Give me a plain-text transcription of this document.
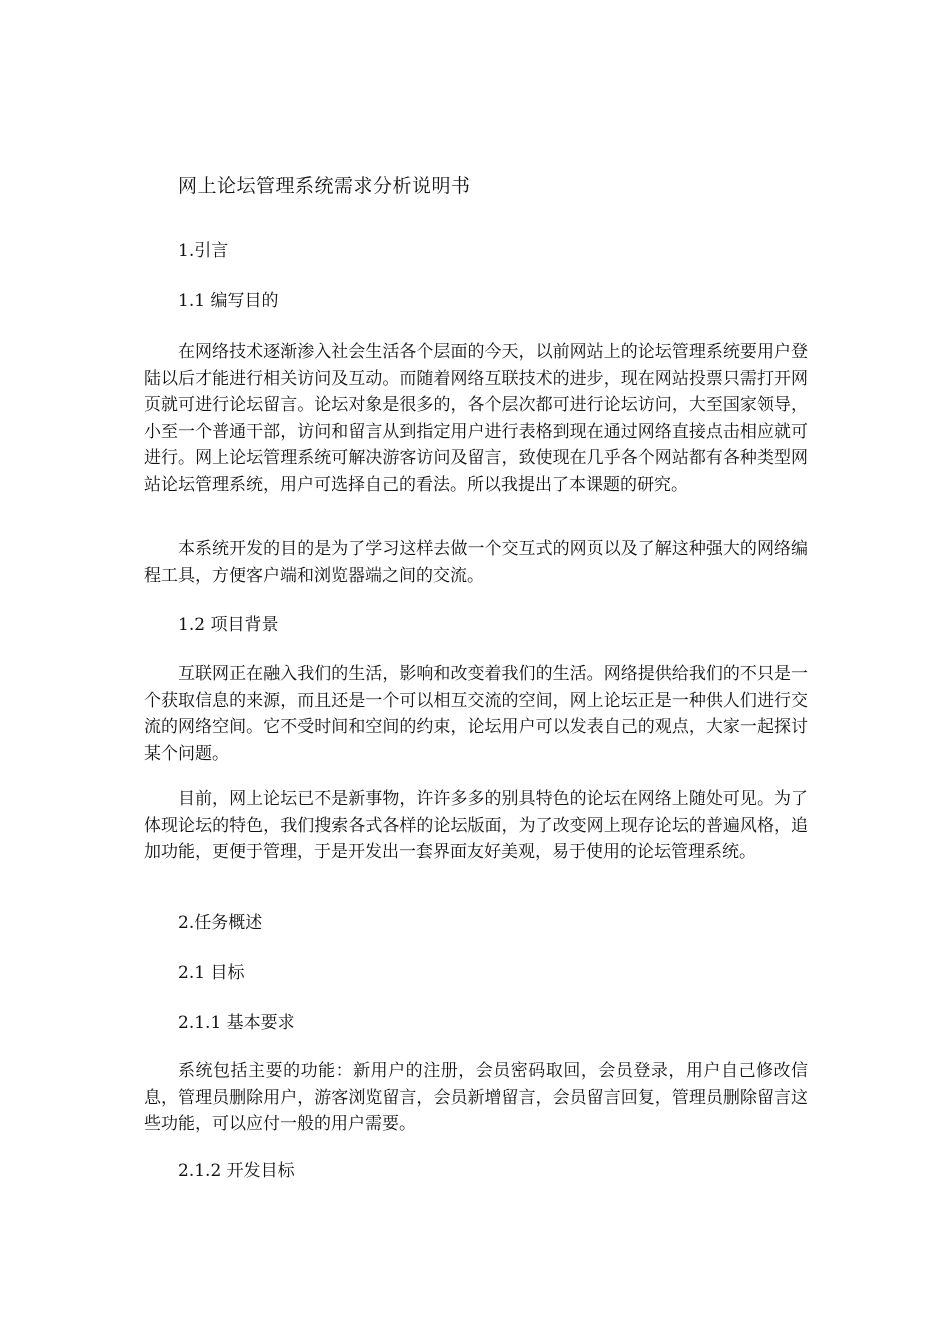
网上论坛管理系统需求分析说明书
1.引言
1.1 编写目的

在网络技术逐渐渗入社会生活各个层面的今天，以前网站上的论坛管理系统要用户登陆以后才能进行相关访问及互动。而随着网络互联技术的进步，现在网站投票只需打开网页就可进行论坛留言。论坛对象是很多的，各个层次都可进行论坛访问，大至国家领导，小至一个普通干部，访问和留言从到指定用户进行表格到现在通过网络直接点击相应就可进行。网上论坛管理系统可解决游客访问及留言，致使现在几乎各个网站都有各种类型网站论坛管理系统，用户可选择自己的看法。所以我提出了本课题的研究。

本系统开发的目的是为了学习这样去做一个交互式的网页以及了解这种强大的网络编程工具，方便客户端和浏览器端之间的交流。

1.2 项目背景

互联网正在融入我们的生活，影响和改变着我们的生活。网络提供给我们的不只是一个获取信息的来源，而且还是一个可以相互交流的空间，网上论坛正是一种供人们进行交流的网络空间。它不受时间和空间的约束，论坛用户可以发表自己的观点，大家一起探讨某个问题。

目前，网上论坛已不是新事物，许许多多的别具特色的论坛在网络上随处可见。为了体现论坛的特色，我们搜索各式各样的论坛版面，为了改变网上现存论坛的普遍风格，追加功能，更便于管理，于是开发出一套界面友好美观，易于使用的论坛管理系统。

2.任务概述
2.1 目标
2.1.1 基本要求

系统包括主要的功能：新用户的注册，会员密码取回，会员登录，用户自己修改信息，管理员删除用户，游客浏览留言，会员新增留言，会员留言回复，管理员删除留言这些功能，可以应付一般的用户需要。

2.1.2 开发目标
